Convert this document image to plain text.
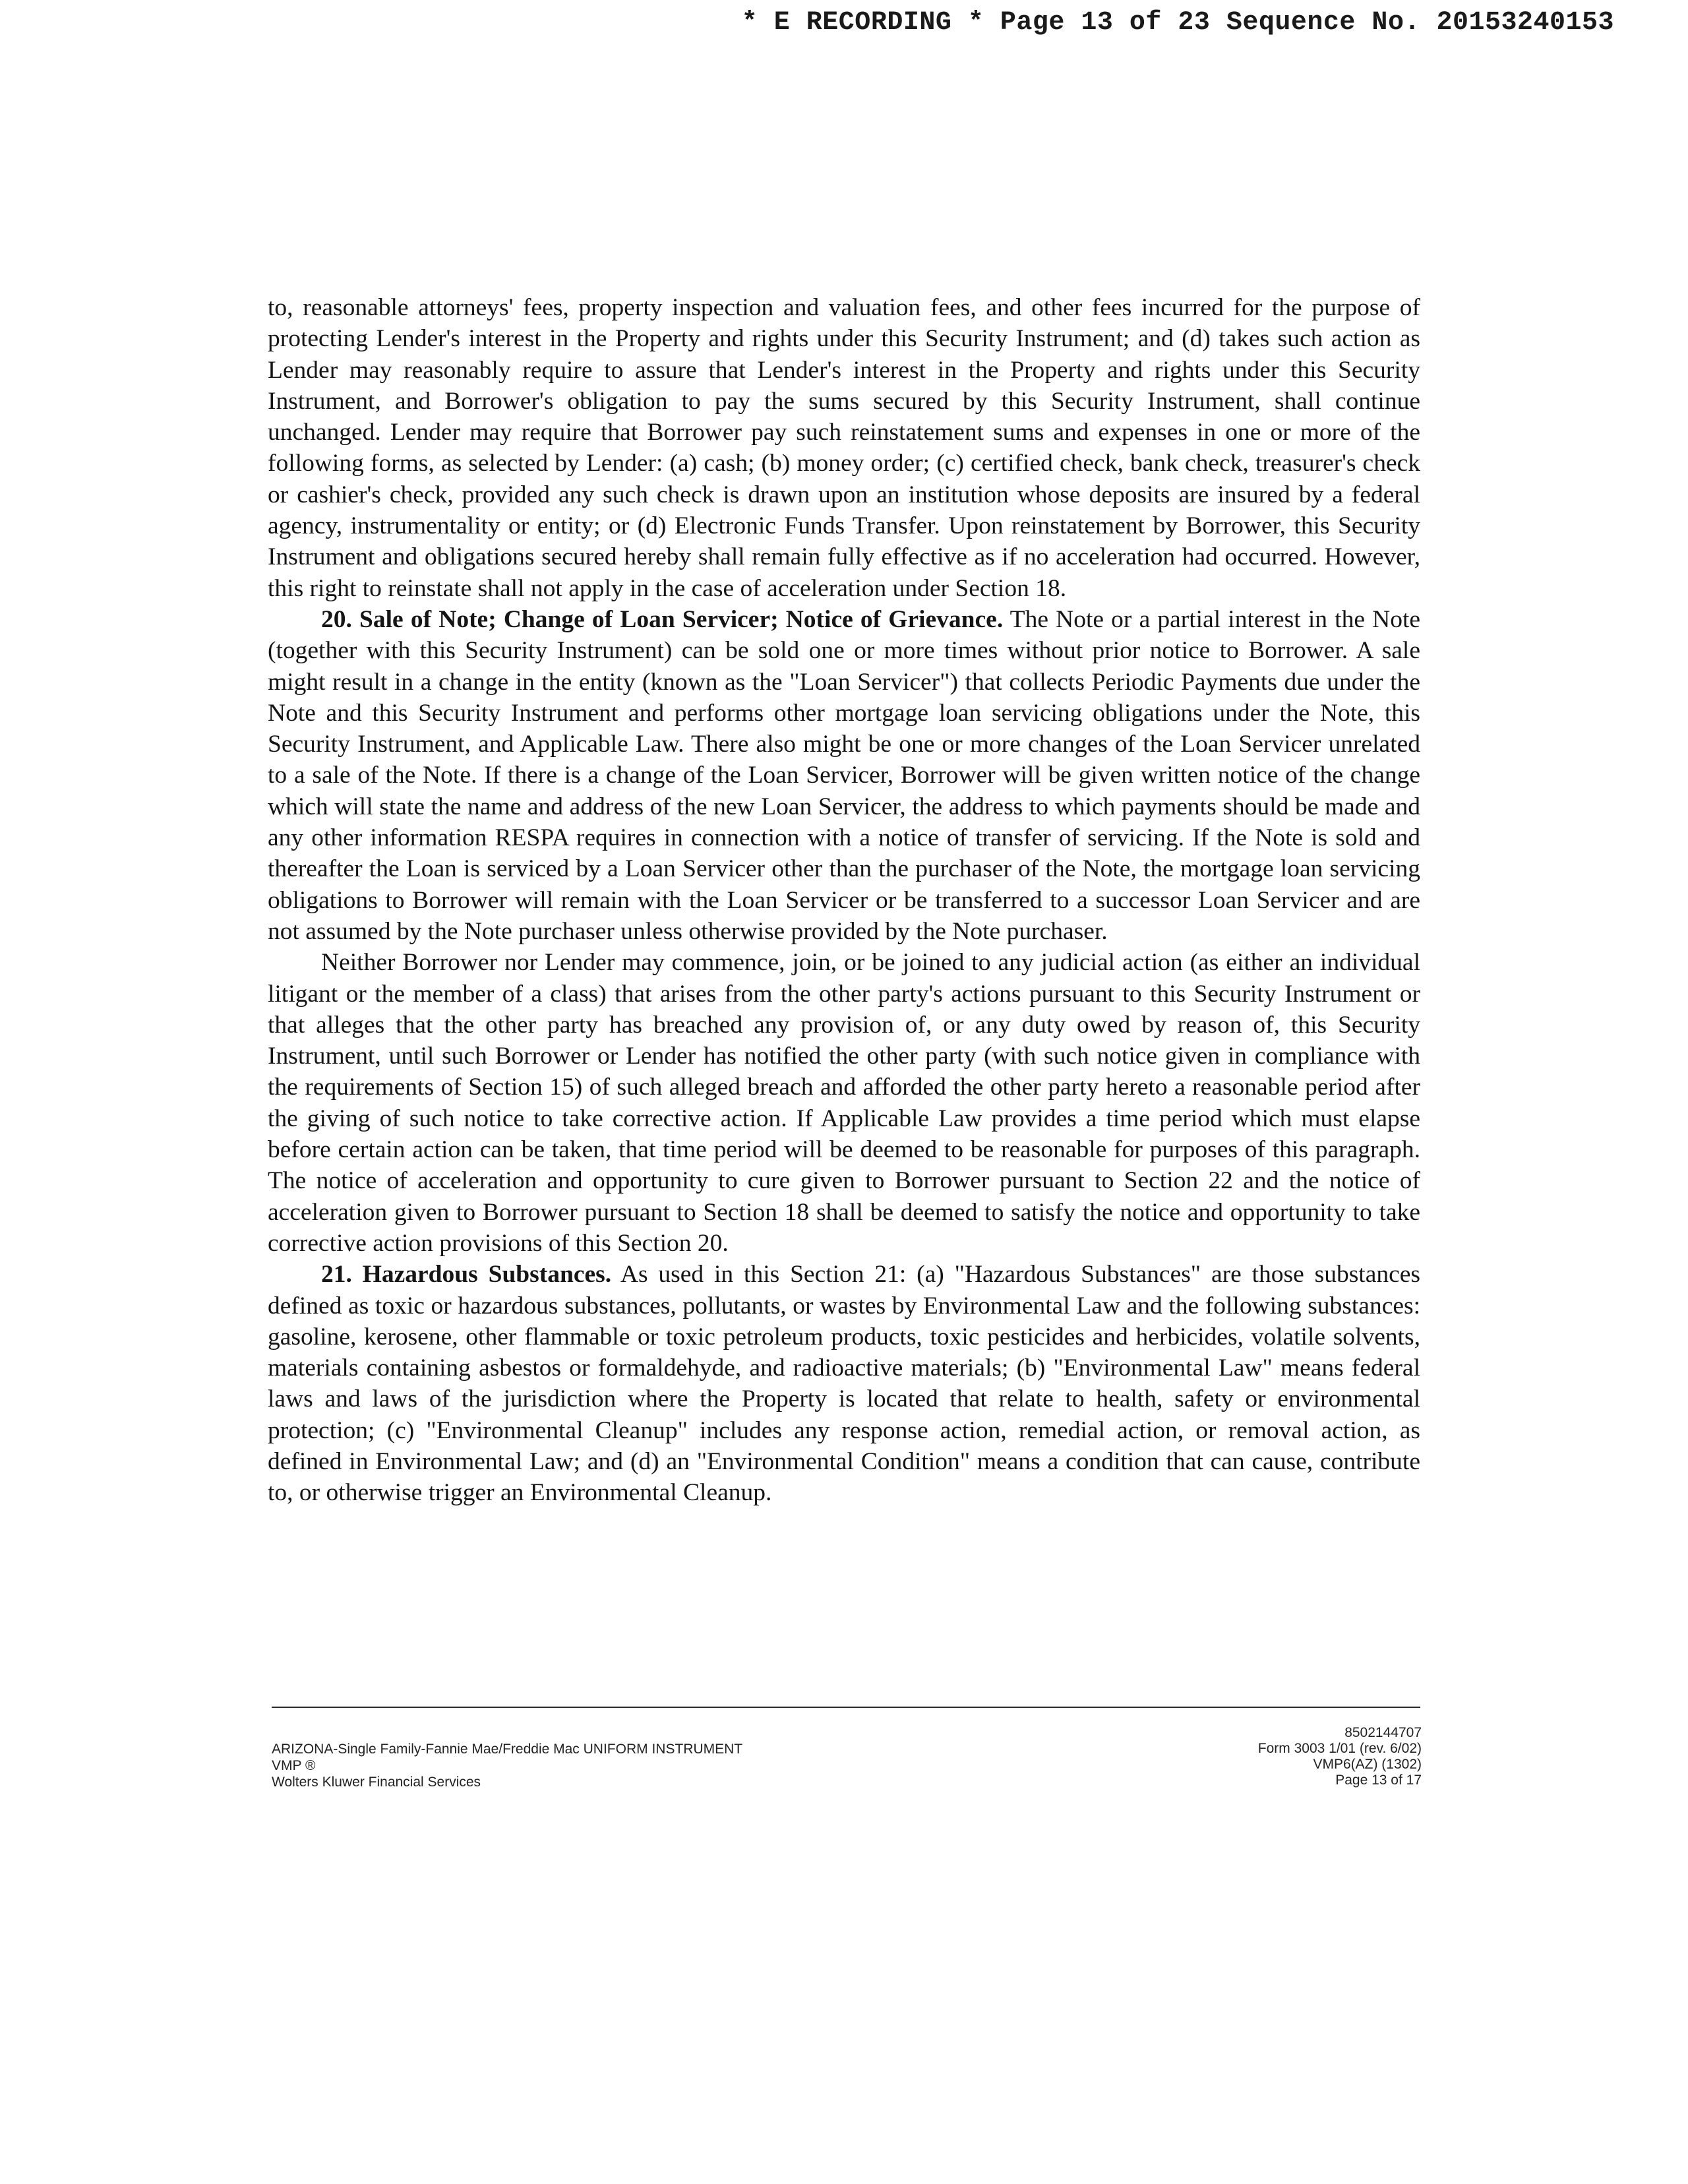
* E RECORDING * Page 13 of 23 Sequence No. 20153240153

to, reasonable attorneys' fees, property inspection and valuation fees, and other fees incurred for the purpose of protecting Lender's interest in the Property and rights under this Security Instrument; and (d) takes such action as Lender may reasonably require to assure that Lender's interest in the Property and rights under this Security Instrument, and Borrower's obligation to pay the sums secured by this Security Instrument, shall continue unchanged. Lender may require that Borrower pay such reinstatement sums and expenses in one or more of the following forms, as selected by Lender: (a) cash; (b) money order; (c) certified check, bank check, treasurer's check or cashier's check, provided any such check is drawn upon an institution whose deposits are insured by a federal agency, instrumentality or entity; or (d) Electronic Funds Transfer. Upon reinstatement by Borrower, this Security Instrument and obligations secured hereby shall remain fully effective as if no acceleration had occurred. However, this right to reinstate shall not apply in the case of acceleration under Section 18.

20. Sale of Note; Change of Loan Servicer; Notice of Grievance. The Note or a partial interest in the Note (together with this Security Instrument) can be sold one or more times without prior notice to Borrower. A sale might result in a change in the entity (known as the "Loan Servicer") that collects Periodic Payments due under the Note and this Security Instrument and performs other mortgage loan servicing obligations under the Note, this Security Instrument, and Applicable Law. There also might be one or more changes of the Loan Servicer unrelated to a sale of the Note. If there is a change of the Loan Servicer, Borrower will be given written notice of the change which will state the name and address of the new Loan Servicer, the address to which payments should be made and any other information RESPA requires in connection with a notice of transfer of servicing. If the Note is sold and thereafter the Loan is serviced by a Loan Servicer other than the purchaser of the Note, the mortgage loan servicing obligations to Borrower will remain with the Loan Servicer or be transferred to a successor Loan Servicer and are not assumed by the Note purchaser unless otherwise provided by the Note purchaser.

Neither Borrower nor Lender may commence, join, or be joined to any judicial action (as either an individual litigant or the member of a class) that arises from the other party's actions pursuant to this Security Instrument or that alleges that the other party has breached any provision of, or any duty owed by reason of, this Security Instrument, until such Borrower or Lender has notified the other party (with such notice given in compliance with the requirements of Section 15) of such alleged breach and afforded the other party hereto a reasonable period after the giving of such notice to take corrective action. If Applicable Law provides a time period which must elapse before certain action can be taken, that time period will be deemed to be reasonable for purposes of this paragraph. The notice of acceleration and opportunity to cure given to Borrower pursuant to Section 22 and the notice of acceleration given to Borrower pursuant to Section 18 shall be deemed to satisfy the notice and opportunity to take corrective action provisions of this Section 20.

21. Hazardous Substances. As used in this Section 21: (a) "Hazardous Substances" are those substances defined as toxic or hazardous substances, pollutants, or wastes by Environmental Law and the following substances: gasoline, kerosene, other flammable or toxic petroleum products, toxic pesticides and herbicides, volatile solvents, materials containing asbestos or formaldehyde, and radioactive materials; (b) "Environmental Law" means federal laws and laws of the jurisdiction where the Property is located that relate to health, safety or environmental protection; (c) "Environmental Cleanup" includes any response action, remedial action, or removal action, as defined in Environmental Law; and (d) an "Environmental Condition" means a condition that can cause, contribute to, or otherwise trigger an Environmental Cleanup.

ARIZONA-Single Family-Fannie Mae/Freddie Mac UNIFORM INSTRUMENT
VMP ®
Wolters Kluwer Financial Services
8502144707
Form 3003 1/01 (rev. 6/02)
VMP6(AZ) (1302)
Page 13 of 17
